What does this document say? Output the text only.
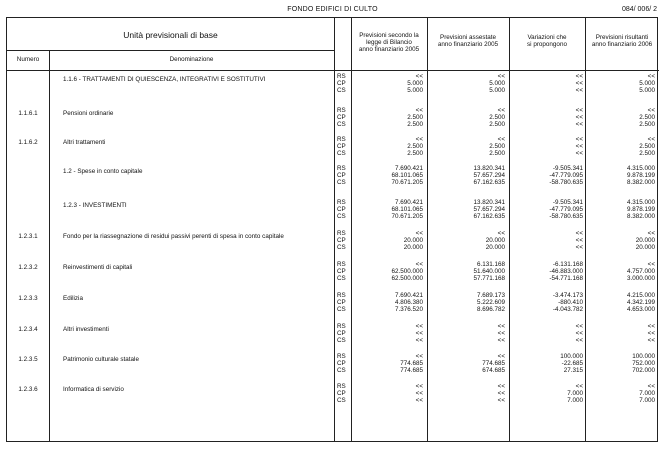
FONDO EDIFICI DI CULTO	084/ 006/ 2
Unità previsionali di base
Numero	Denominazione
Previsioni secondo la
legge di Bilancio
anno finanziario 2005
Previsioni assestate
anno finanziario 2005
Variazioni che
si propongono
Previsioni risultanti
anno finanziario 2006
1.1.6 - TRATTAMENTI DI QUIESCENZA, INTEGRATIVI E SOSTITUTIVI	RS	<<	<<	<<	<<
CP	5.000	5.000	<<	5.000
CS	5.000	5.000	<<	5.000
1.1.6.1	Pensioni ordinarie	RS	<<	<<	<<	<<
CP	2.500	2.500	<<	2.500
CS	2.500	2.500	<<	2.500
1.1.6.2	Altri trattamenti	RS	<<	<<	<<	<<
CP	2.500	2.500	<<	2.500
CS	2.500	2.500	<<	2.500
1.2 - Spese in conto capitale	RS	7.690.421	13.820.341	-9.505.341	4.315.000
CP	68.101.065	57.657.294	-47.779.095	9.878.199
CS	70.671.205	67.162.635	-58.780.635	8.382.000
1.2.3 - INVESTIMENTI	RS	7.690.421	13.820.341	-9.505.341	4.315.000
CP	68.101.065	57.657.294	-47.779.095	9.878.199
CS	70.671.205	67.162.635	-58.780.635	8.382.000
1.2.3.1	Fondo per la riassegnazione di residui passivi perenti di spesa in conto capitale	RS	<<	<<	<<	<<
CP	20.000	20.000	<<	20.000
CS	20.000	20.000	<<	20.000
1.2.3.2	Reinvestimenti di capitali	RS	<<	6.131.168	-6.131.168	<<
CP	62.500.000	51.640.000	-46.883.000	4.757.000
CS	62.500.000	57.771.168	-54.771.168	3.000.000
1.2.3.3	Edilizia	RS	7.690.421	7.689.173	-3.474.173	4.215.000
CP	4.806.380	5.222.609	-880.410	4.342.199
CS	7.376.520	8.696.782	-4.043.782	4.653.000
1.2.3.4	Altri investimenti	RS	<<	<<	<<	<<
CP	<<	<<	<<	<<
CS	<<	<<	<<	<<
1.2.3.5	Patrimonio culturale statale	RS	<<	<<	100.000	100.000
CP	774.685	774.685	-22.685	752.000
CS	774.685	674.685	27.315	702.000
1.2.3.6	Informatica di servizio	RS	<<	<<	<<	<<
CP	<<	<<	7.000	7.000
CS	<<	<<	7.000	7.000
